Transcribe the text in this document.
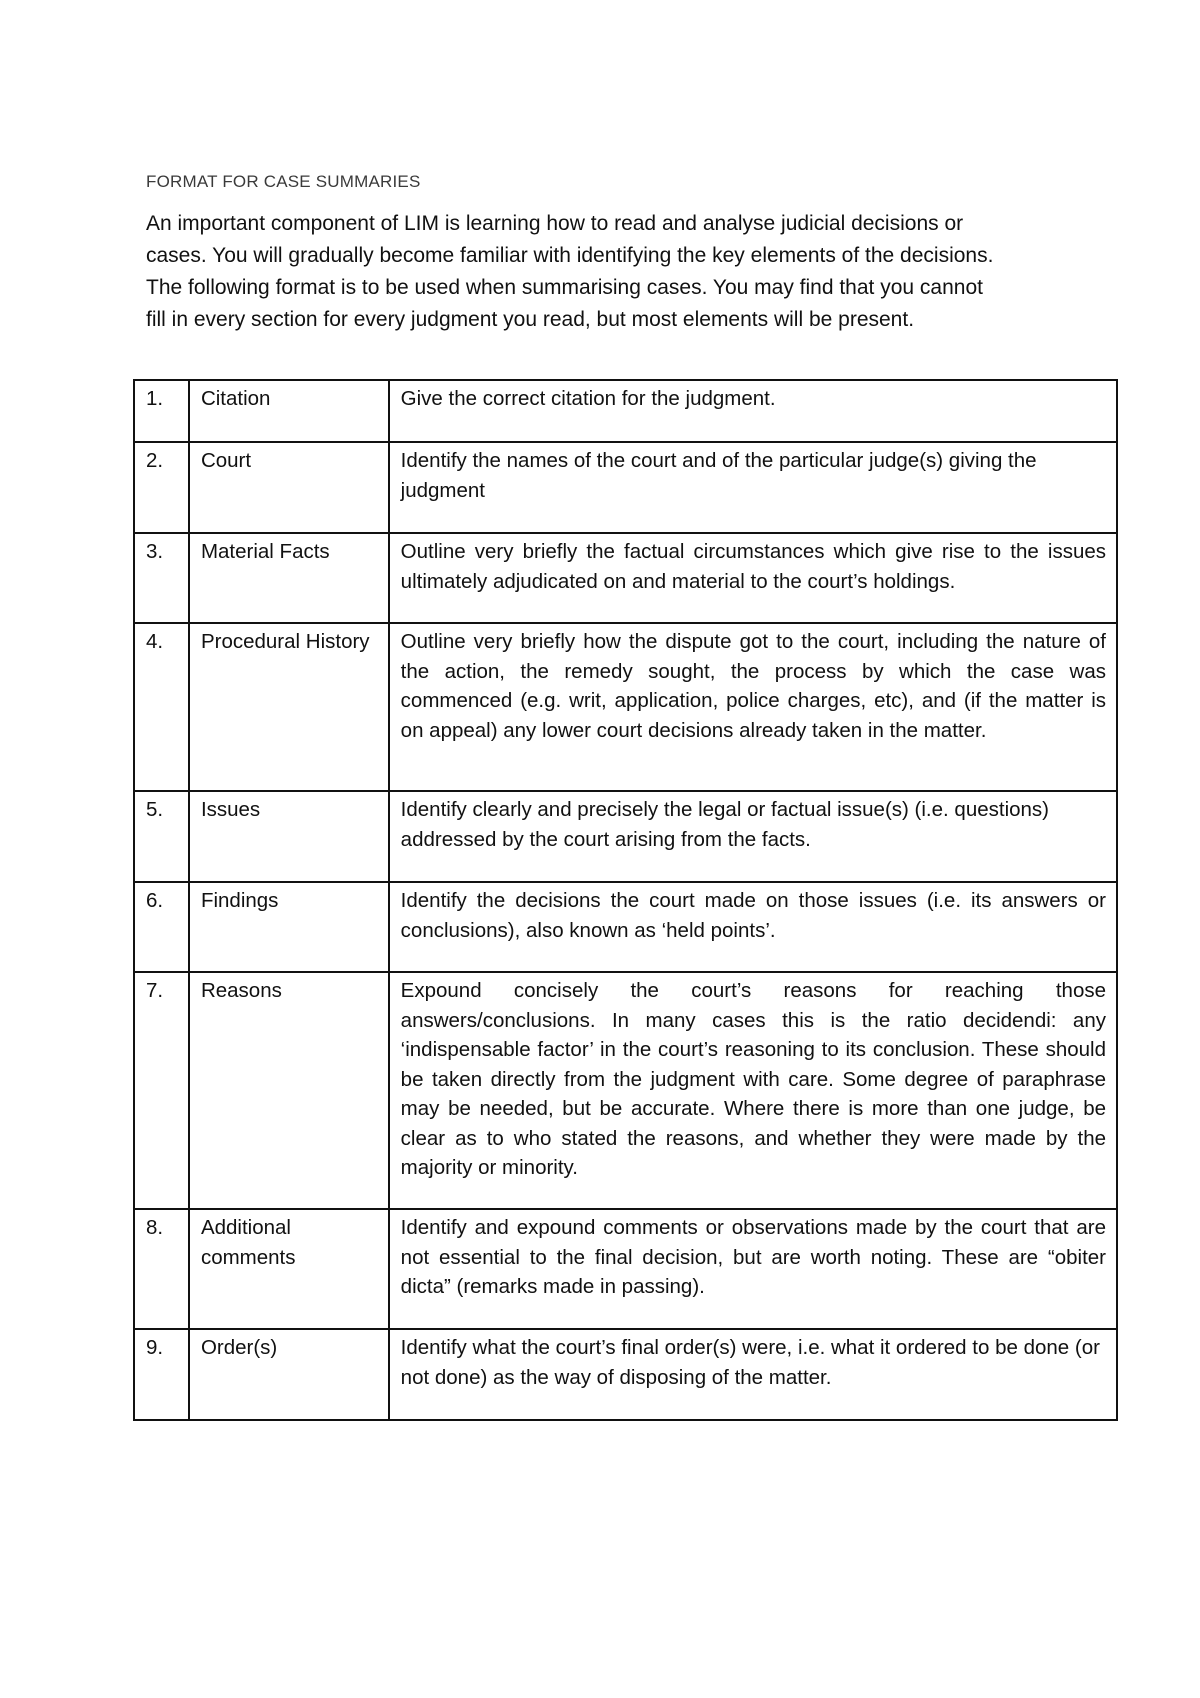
FORMAT FOR CASE SUMMARIES

An important component of LIM is learning how to read and analyse judicial decisions or
cases. You will gradually become familiar with identifying the key elements of the decisions.
The following format is to be used when summarising cases. You may find that you cannot
fill in every section for every judgment you read, but most elements will be present.

1.	Citation	Give the correct citation for the judgment.
2.	Court	Identify the names of the court and of the particular judge(s) giving the judgment
3.	Material Facts	Outline very briefly the factual circumstances which give rise to the issues ultimately adjudicated on and material to the court’s holdings.
4.	Procedural History	Outline very briefly how the dispute got to the court, including the nature of the action, the remedy sought, the process by which the case was commenced (e.g. writ, application, police charges, etc), and (if the matter is on appeal) any lower court decisions already taken in the matter.
5.	Issues	Identify clearly and precisely the legal or factual issue(s) (i.e. questions) addressed by the court arising from the facts.
6.	Findings	Identify the decisions the court made on those issues (i.e. its answers or conclusions), also known as ‘held points’.
7.	Reasons	Expound concisely the court’s reasons for reaching those answers/conclusions. In many cases this is the ratio decidendi: any ‘indispensable factor’ in the court’s reasoning to its conclusion. These should be taken directly from the judgment with care. Some degree of paraphrase may be needed, but be accurate. Where there is more than one judge, be clear as to who stated the reasons, and whether they were made by the majority or minority.
8.	Additional comments	Identify and expound comments or observations made by the court that are not essential to the final decision, but are worth noting. These are “obiter dicta” (remarks made in passing).
9.	Order(s)	Identify what the court’s final order(s) were, i.e. what it ordered to be done (or not done) as the way of disposing of the matter.
